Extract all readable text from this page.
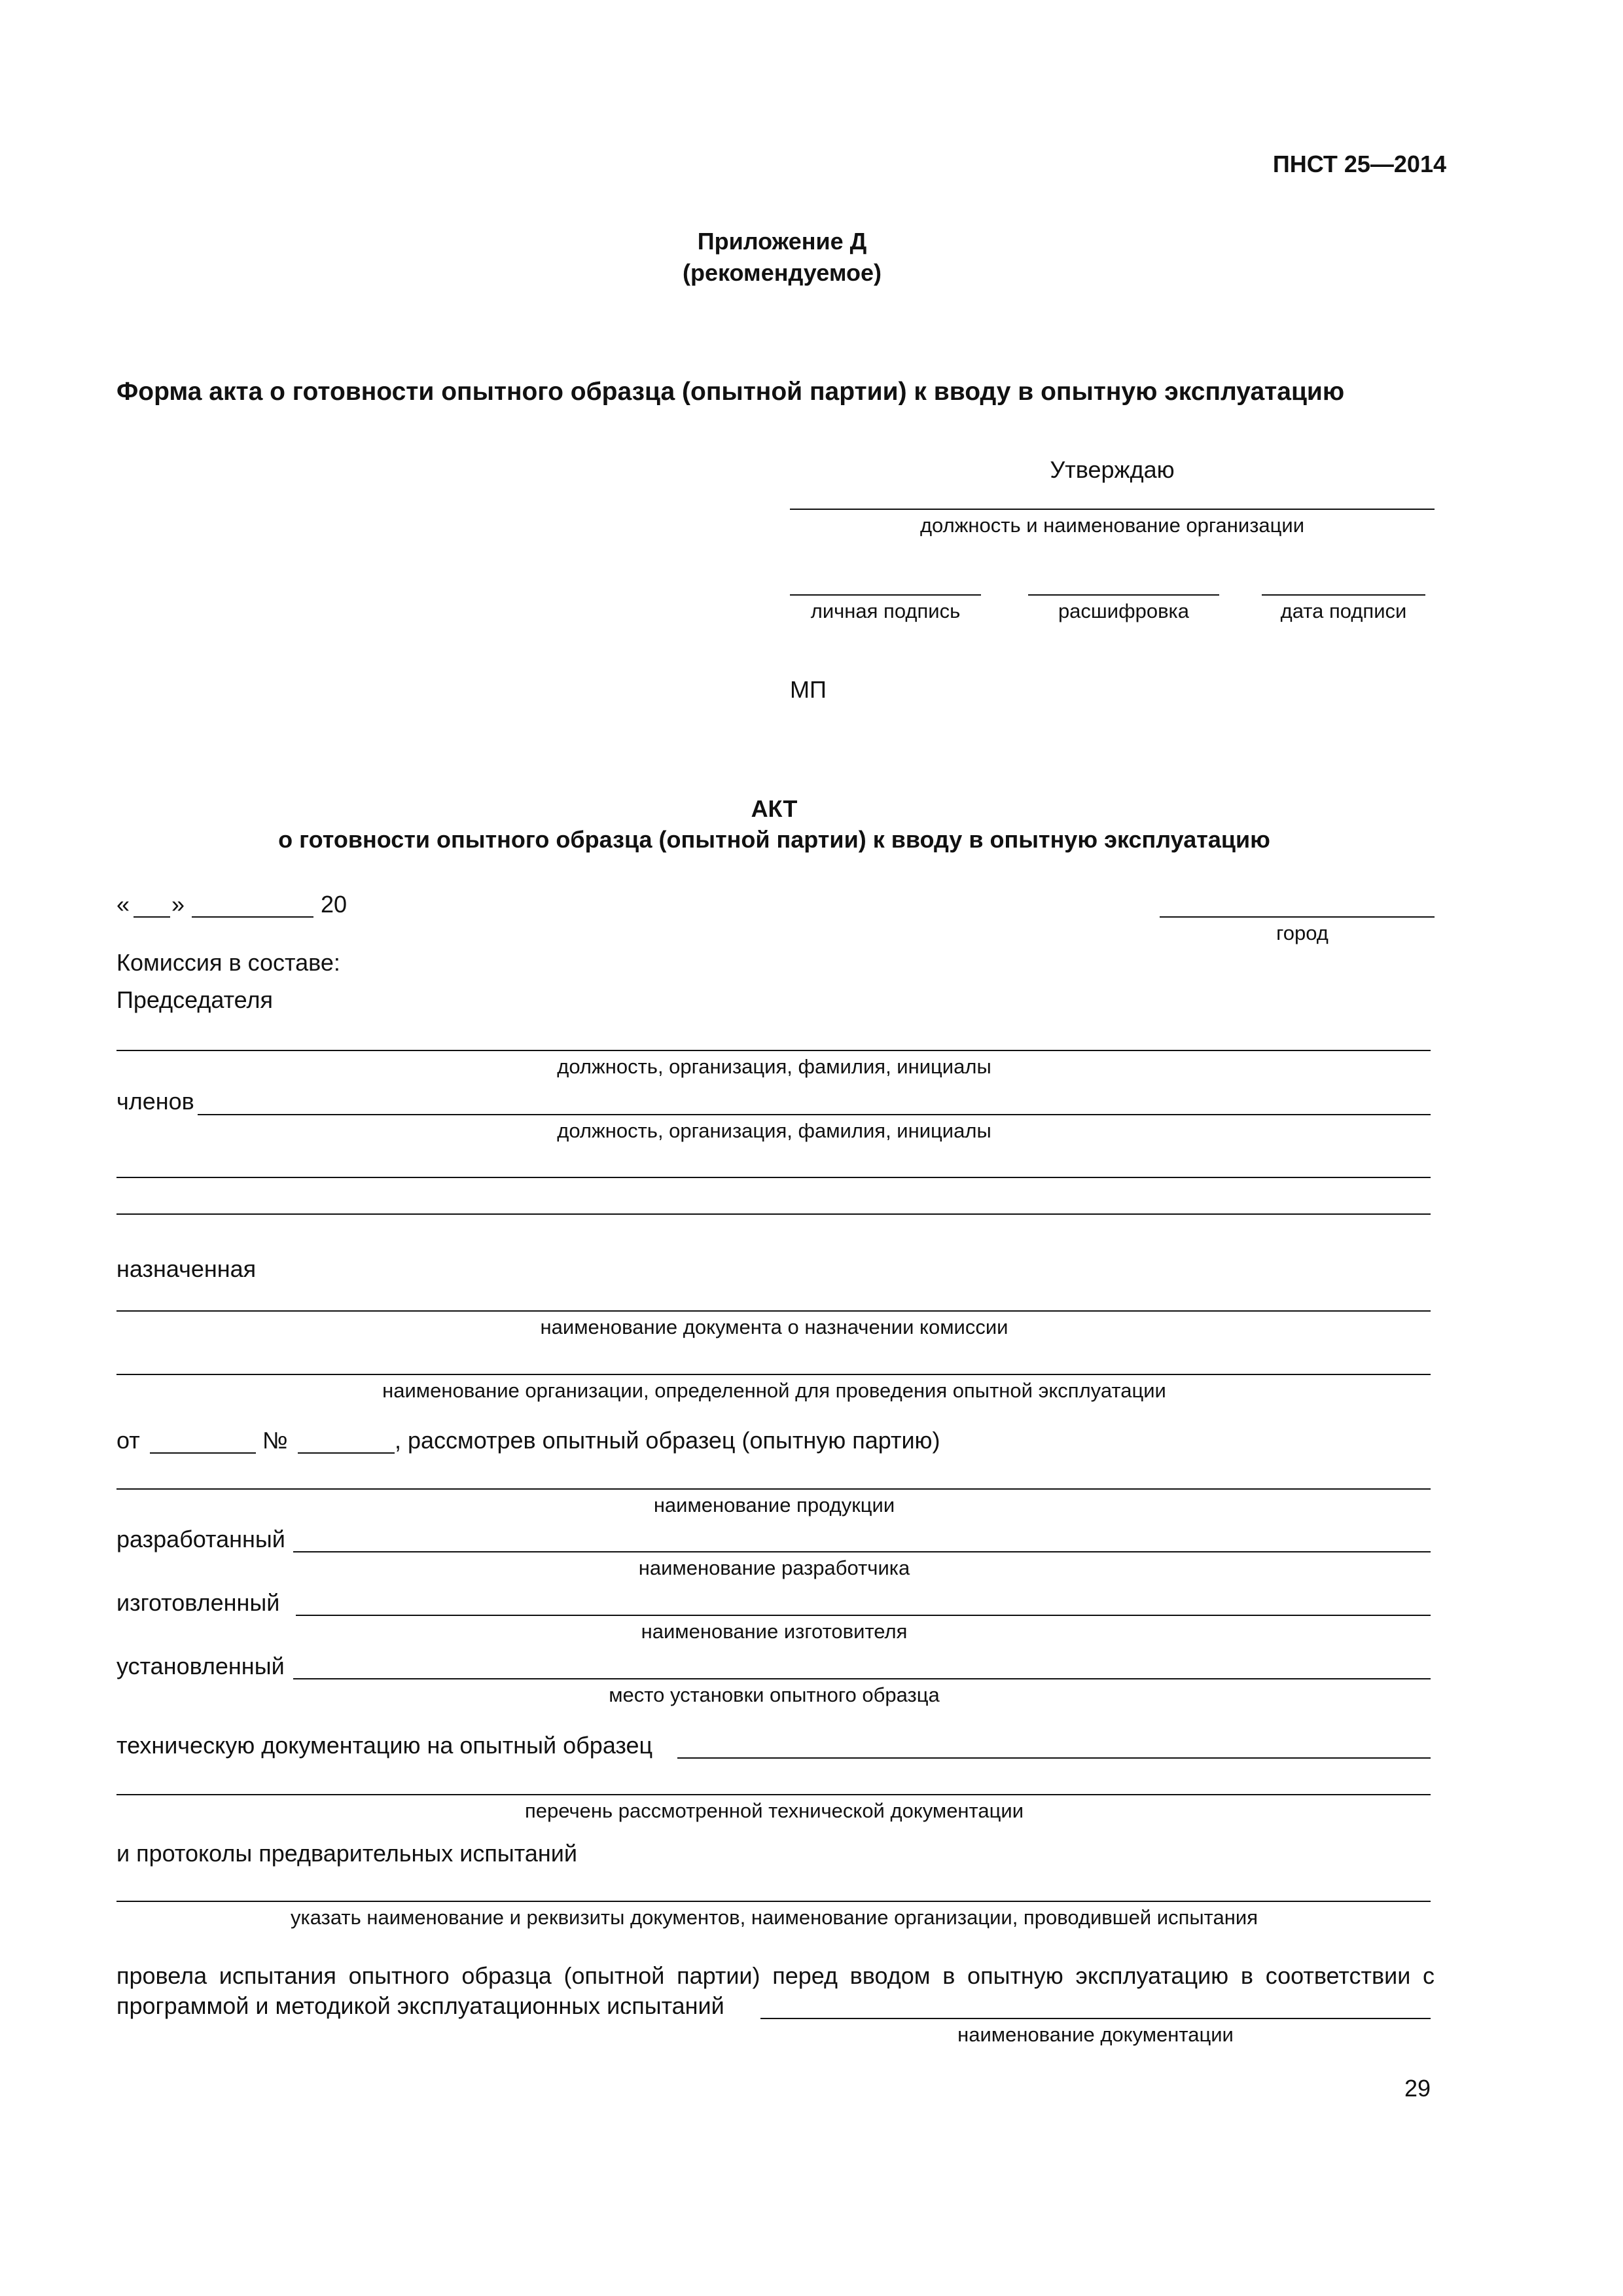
ПНСТ 25—2014
Приложение Д
(рекомендуемое)
Форма акта о готовности опытного образца (опытной партии) к вводу в опытную эксплуатацию
Утверждаю
должность и наименование организации
личная подпись	расшифровка	дата подписи
МП
АКТ
о готовности опытного образца (опытной партии) к вводу в опытную эксплуатацию
« »	20
город
Комиссия в составе:
Председателя
должность, организация, фамилия, инициалы
членов
должность, организация, фамилия, инициалы
назначенная
наименование документа о назначении комиссии
наименование организации, определенной для проведения опытной эксплуатации
от	№	, рассмотрев опытный образец (опытную партию)
наименование продукции
разработанный
наименование разработчика
изготовленный
наименование изготовителя
установленный
место установки опытного образца
техническую документацию на опытный образец
перечень рассмотренной технической документации
и протоколы предварительных испытаний
указать наименование и реквизиты документов, наименование организации, проводившей испытания
провела испытания опытного образца (опытной партии) перед вводом в опытную эксплуатацию в соответствии с
программой и методикой эксплуатационных испытаний
наименование документации
29
